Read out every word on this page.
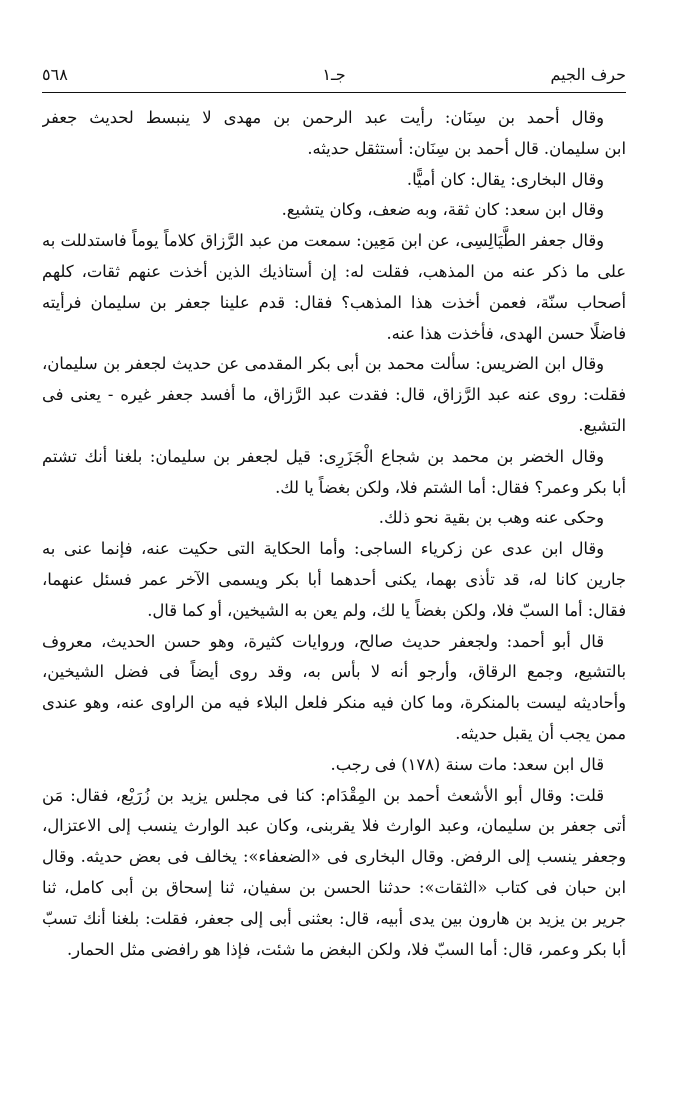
حرف الجيم
جـ١
٥٦٨
وقال أحمد بن سِنَان: رأيت عبد الرحمن بن مهدى لا ينبسط لحديث جعفر
ابن سليمان. قال أحمد بن سِنَان: أستثقل حديثه.
وقال البخارى: يقال: كان أميًّا.
وقال ابن سعد: كان ثقة، وبه ضعف، وكان يتشيع.
وقال جعفر الطَّيَالِسِى، عن ابن مَعِين: سمعت من عبد الرَّزاق كلاماً يوماً فاستدللت به
على ما ذكر عنه من المذهب، فقلت له: إن أستاذيك الذين أخذت عنهم ثقات، كلهم
أصحاب سنّة، فعمن أخذت هذا المذهب؟ فقال: قدم علينا جعفر بن سليمان فرأيته
فاضلًا حسن الهدى، فأخذت هذا عنه.
وقال ابن الضريس: سألت محمد بن أبى بكر المقدمى عن حديث لجعفر بن سليمان،
فقلت: روى عنه عبد الرَّزاق، قال: فقدت عبد الرَّزاق، ما أفسد جعفر غيره - يعنى فى
التشيع.
وقال الخضر بن محمد بن شجاع الْجَزَرِى: قيل لجعفر بن سليمان: بلغنا أنك تشتم
أبا بكر وعمر؟ فقال: أما الشتم فلا، ولكن بغضاً يا لك.
وحكى عنه وهب بن بقية نحو ذلك.
وقال ابن عدى عن زكرياء الساجى: وأما الحكاية التى حكيت عنه، فإنما عنى به
جارين كانا له، قد تأذى بهما، يكنى أحدهما أبا بكر ويسمى الآخر عمر فسئل عنهما،
فقال: أما السبّ فلا، ولكن بغضاً يا لك، ولم يعن به الشيخين، أو كما قال.
قال أبو أحمد: ولجعفر حديث صالح، وروايات كثيرة، وهو حسن الحديث، معروف
بالتشيع، وجمع الرقاق، وأرجو أنه لا بأس به، وقد روى أيضاً فى فضل الشيخين،
وأحاديثه ليست بالمنكرة، وما كان فيه منكر فلعل البلاء فيه من الراوى عنه، وهو عندى
ممن يجب أن يقبل حديثه.
قال ابن سعد: مات سنة (١٧٨) فى رجب.
قلت: وقال أبو الأشعث أحمد بن المِقْدَام: كنا فى مجلس يزيد بن زُرَيْع، فقال: مَن
أتى جعفر بن سليمان، وعبد الوارث فلا يقربنى، وكان عبد الوارث ينسب إلى الاعتزال،
وجعفر ينسب إلى الرفض. وقال البخارى فى «الضعفاء»: يخالف فى بعض حديثه. وقال
ابن حبان فى كتاب «الثقات»: حدثنا الحسن بن سفيان، ثنا إسحاق بن أبى كامل، ثنا
جرير بن يزيد بن هارون بين يدى أبيه، قال: بعثنى أبى إلى جعفر، فقلت: بلغنا أنك تسبّ
أبا بكر وعمر، قال: أما السبّ فلا، ولكن البغض ما شئت، فإذا هو رافضى مثل الحمار.
